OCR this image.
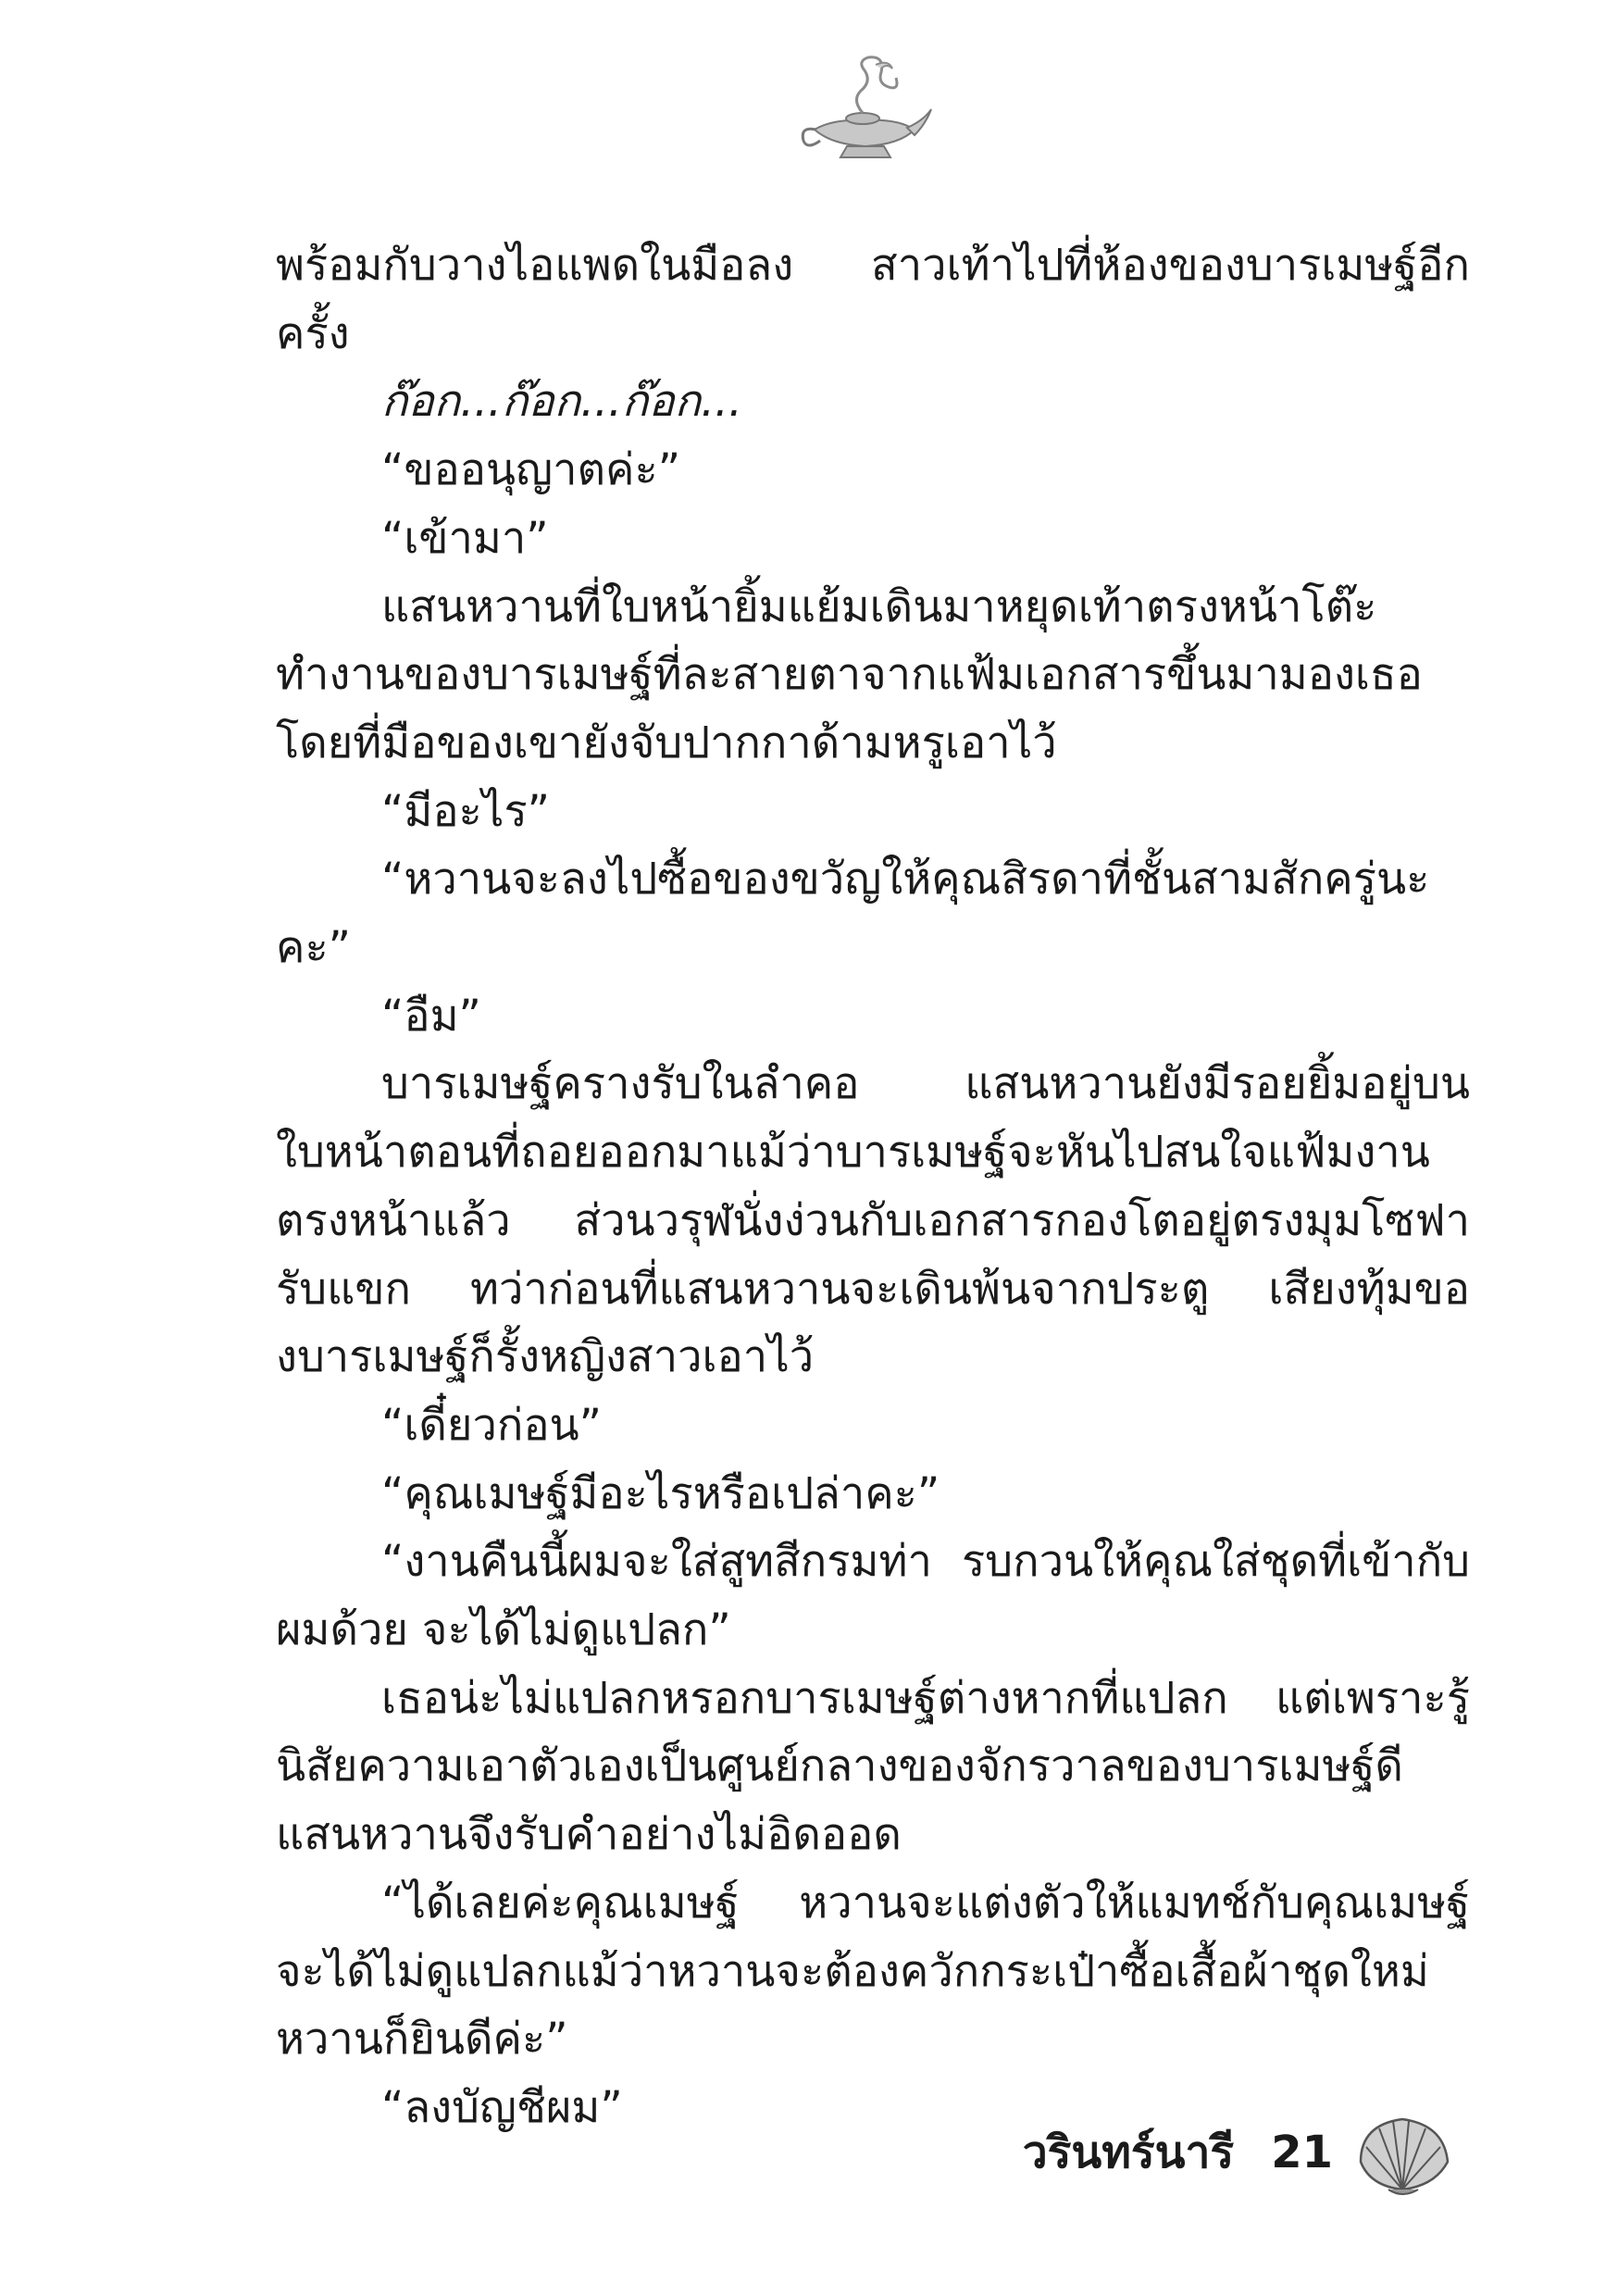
พร้อมกับวางไอแพดในมือลง สาวเท้าไปที่ห้องของบารเมษฐ์อีกครั้ง

ก๊อก...ก๊อก...ก๊อก...

“ขออนุญาตค่ะ”

“เข้ามา”

แสนหวานที่ใบหน้ายิ้มแย้มเดินมาหยุดเท้าตรงหน้าโต๊ะทำงานของบารเมษฐ์ที่ละสายตาจากแฟ้มเอกสารขึ้นมามองเธอโดยที่มือของเขายังจับปากกาด้ามหรูเอาไว้

“มีอะไร”

“หวานจะลงไปซื้อของขวัญให้คุณสิรดาที่ชั้นสามสักครู่นะคะ”

“อืม”

บารเมษฐ์ครางรับในลำคอ แสนหวานยังมีรอยยิ้มอยู่บนใบหน้าตอนที่ถอยออกมาแม้ว่าบารเมษฐ์จะหันไปสนใจแฟ้มงานตรงหน้าแล้ว ส่วนวรุฬนั่งง่วนกับเอกสารกองโตอยู่ตรงมุมโซฟารับแขก ทว่าก่อนที่แสนหวานจะเดินพ้นจากประตู เสียงทุ้มของบารเมษฐ์ก็รั้งหญิงสาวเอาไว้

“เดี๋ยวก่อน”

“คุณเมษฐ์มีอะไรหรือเปล่าคะ”

“งานคืนนี้ผมจะใส่สูทสีกรมท่า รบกวนให้คุณใส่ชุดที่เข้ากับผมด้วย จะได้ไม่ดูแปลก”

เธอน่ะไม่แปลกหรอกบารเมษฐ์ต่างหากที่แปลก แต่เพราะรู้นิสัยความเอาตัวเองเป็นศูนย์กลางของจักรวาลของบารเมษฐ์ดี แสนหวานจึงรับคำอย่างไม่อิดออด

“ได้เลยค่ะคุณเมษฐ์ หวานจะแต่งตัวให้แมทช์กับคุณเมษฐ์ จะได้ไม่ดูแปลกแม้ว่าหวานจะต้องควักกระเป๋าซื้อเสื้อผ้าชุดใหม่หวานก็ยินดีค่ะ”

“ลงบัญชีผม”

วรินทร์นารี 21
